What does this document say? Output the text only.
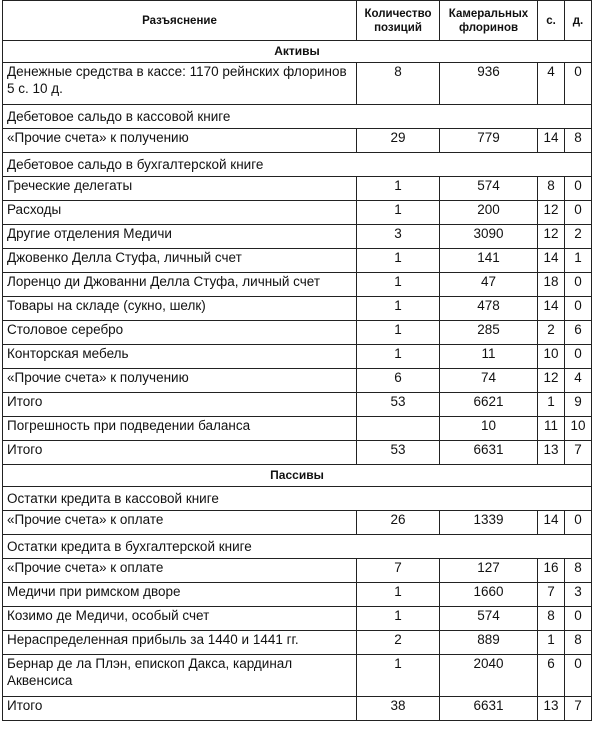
Разъяснение	Количество позиций	Камеральных флоринов	с.	д.
Активы				
Денежные средства в кассе: 1170 рейнских флоринов 5 с. 10 д.	8	936	4	0
Дебетовое сальдо в кассовой книге				
«Прочие счета» к получению	29	779	14	8
Дебетовое сальдо в бухгалтерской книге				
Греческие делегаты	1	574	8	0
Расходы	1	200	12	0
Другие отделения Медичи	3	3090	12	2
Джовенко Делла Стуфа, личный счет	1	141	14	1
Лоренцо ди Джованни Делла Стуфа, личный счет	1	47	18	0
Товары на складе (сукно, шелк)	1	478	14	0
Столовое серебро	1	285	2	6
Конторская мебель	1	11	10	0
«Прочие счета» к получению	6	74	12	4
Итого	53	6621	1	9
Погрешность при подведении баланса		10	11	10
Итого	53	6631	13	7
Пассивы				
Остатки кредита в кассовой книге				
«Прочие счета» к оплате	26	1339	14	0
Остатки кредита в бухгалтерской книге				
«Прочие счета» к оплате	7	127	16	8
Медичи при римском дворе	1	1660	7	3
Козимо де Медичи, особый счет	1	574	8	0
Нераспределенная прибыль за 1440 и 1441 гг.	2	889	1	8
Бернар де ла Плэн, епископ Дакса, кардинал Аквенсиса	1	2040	6	0
Итого	38	6631	13	7
